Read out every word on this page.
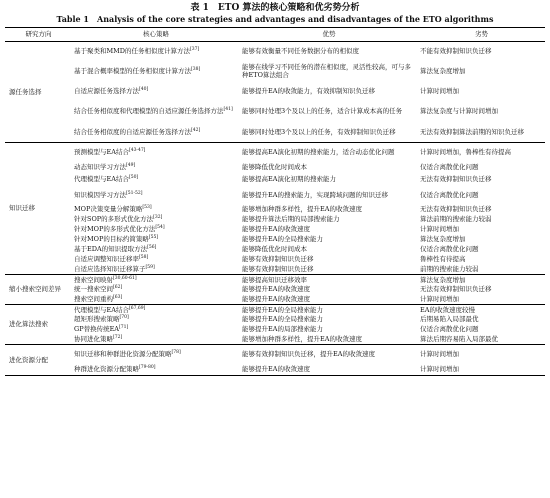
表 1　ETO 算法的核心策略和优劣势分析
Table 1　Analysis of the core strategies and advantages and disadvantages of the ETO algorithms
研究方向	核心策略	优势	劣势
源任务选择	基于聚类和MMD的任务相似度计算方法[37]	能够有效衡量不同任务数据分布的相似度	不能有效抑制知识负迁移
	基于混合概率模型的任务相似度计算方法[38]	能够在线学习不同任务的潜在相似度，灵活性较高，可与多种ETO算法组合	算法复杂度增加
	自适应源任务选择方法[40]	能够提升EA的收敛能力，有效抑制知识负迁移	计算时间增加
	结合任务相似度和代理模型的自适应源任务选择方法[41]	能够同时处理3个及以上的任务，适合计算成本高的任务	算法复杂度与计算时间增加
	结合任务相似度的自适应源任务选择方法[42]	能够同时处理3个及以上的任务，有效抑制知识负迁移	无法有效抑制算法前期的知识负迁移
知识迁移	预测模型与EA结合[43-47]	能够提高EA演化初期的搜索能力，适合动态优化问题	计算时间增加，鲁棒性有待提高
	动态知识学习方法[49]	能够降低优化时间成本	仅适合离散优化问题
	代理模型与EA结合[50]	能够提高EA演化初期的搜索能力	无法有效抑制知识负迁移
	知识模因学习方法[51-52]	能够提升EA的搜索能力，实现跨域问题的知识迁移	仅适合离散优化问题
	MOP决策变量分解策略[53]	能够增加种群多样性，提升EA的收敛速度	无法有效抑制知识负迁移
	针对SOP的多形式优化方法[32]	能够提升算法后期的局部搜索能力	算法前期的搜索能力较弱
	针对MOP的多形式优化方法[54]	能够提升EA的收敛速度	计算时间增加
	针对MOP的目标约简策略[55]	能够提升EA的全局搜索能力	算法复杂度增加
	基于EDA的知识提取方法[56]	能够降低优化时间成本	仅适合离散优化问题
	自适应调整知识迁移率[58]	能够有效抑制知识负迁移	鲁棒性有待提高
	自适应选择知识迁移算子[59]	能够有效抑制知识负迁移	前期的搜索能力较弱
缩小搜索空间差异	搜索空间映射[30,60-61]	能够提高知识迁移效率	算法复杂度增加
	统一搜索空间[62]	能够提升EA的收敛速度	无法有效抑制知识负迁移
	搜索空间重构[63]	能够提升EA的收敛速度	计算时间增加
进化算法搜索	代理模型与EA结合[67,69]	能够提升EA的全局搜索能力	EA的收敛速度较慢
	超矩形搜索策略[70]	能够提升EA的全局搜索能力	后期易陷入局部最优
	GP替换传统EA[71]	能够提升EA的局部搜索能力	仅适合离散优化问题
	协同进化策略[72]	能够增加种群多样性，提升EA的收敛速度	算法后期容易陷入局部最优
进化资源分配	知识迁移和种群进化资源分配策略[78]	能够有效抑制知识负迁移，提升EA的收敛速度	计算时间增加
	种群进化资源分配策略[79-80]	能够提升EA的收敛速度	计算时间增加
